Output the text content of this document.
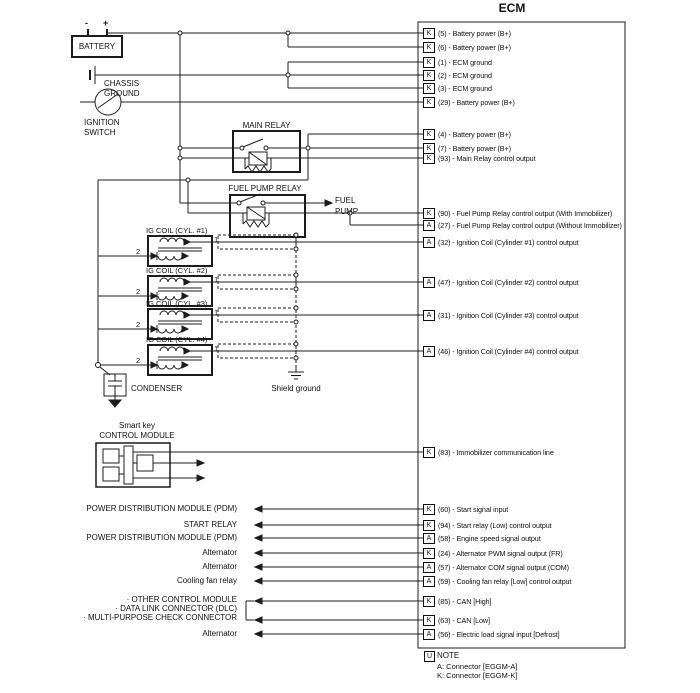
ECM
- +
BATTERY
CHASSIS
GROUND
IGNITION
SWITCH
MAIN RELAY
FUEL PUMP RELAY
FUEL
PUMP
IG COIL (CYL. #1)
1
2
IG COIL (CYL. #2)
1
2
IG COIL (CYL. #3)
1
2
IG COIL (CYL. #4)
1
2
CONDENSER	Shield ground
Smart key
CONTROL MODULE
POWER DISTRIBUTION MODULE (PDM)
START RELAY
POWER DISTRIBUTION MODULE (PDM)
Alternator
Alternator
Cooling fan relay
· OTHER CONTROL MODULE
· DATA LINK CONNECTOR (DLC)
· MULTI-PURPOSE CHECK CONNECTOR
Alternator
K (5) - Battery power (B+)
K (6) - Battery power (B+)
K (1) - ECM ground
K (2) - ECM ground
K (3) - ECM ground
K (29) - Battery power (B+)
K (4) - Battery power (B+)
K (7) - Battery power (B+)
K (93) - Main Relay control output
K (90) - Fuel Pump Relay control output (With Immobilizer)
A (27) - Fuel Pump Relay control output (Without Immobilizer)
A (32) - Ignition Coil (Cylinder #1) control output
A (47) - Ignition Coil (Cylinder #2) control output
A (31) - Ignition Coil (Cylinder #3) control output
A (46) - Ignition Coil (Cylinder #4) control output
K (83) - Immobilizer communication line
K (60) - Start signal input
K (94) - Start relay (Low) control output
A (58) - Engine speed signal output
K (24) - Alternator PWM signal output (FR)
A (57) - Alternator COM signal output (COM)
A (59) - Cooling fan relay [Low] control output
K (85) - CAN [High]
K (63) - CAN [Low]
A (56) - Electric load signal input [Defrost]
U NOTE
A: Connector [EGGM-A]
K: Connector [EGGM-K]
